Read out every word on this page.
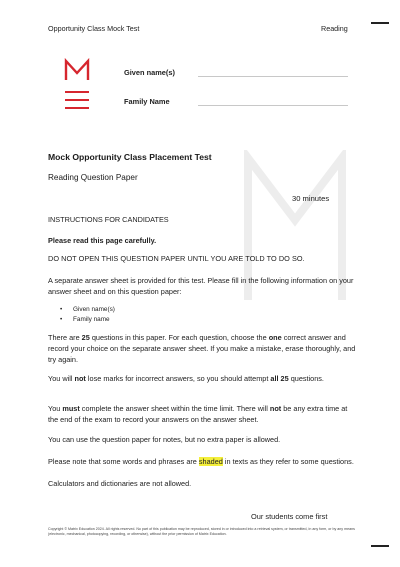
Opportunity Class Mock Test	Reading
Given name(s)
Family Name
Mock Opportunity Class Placement Test
Reading Question Paper
30 minutes
INSTRUCTIONS FOR CANDIDATES
Please read this page carefully.
DO NOT OPEN THIS QUESTION PAPER UNTIL YOU ARE TOLD TO DO SO.
A separate answer sheet is provided for this test. Please fill in the following information on your answer sheet and on this question paper:
• Given name(s)
• Family name
There are 25 questions in this paper. For each question, choose the one correct answer and record your choice on the separate answer sheet. If you make a mistake, erase thoroughly, and try again.
You will not lose marks for incorrect answers, so you should attempt all 25 questions.
You must complete the answer sheet within the time limit. There will not be any extra time at the end of the exam to record your answers on the answer sheet.
You can use the question paper for notes, but no extra paper is allowed.
Please note that some words and phrases are shaded in texts as they refer to some questions.
Calculators and dictionaries are not allowed.
Our students come first
Copyright © Matrix Education 2024. All rights reserved. No part of this publication may be reproduced, stored in or introduced into a retrieval system, or transmitted, in any form, or by any means (electronic, mechanical, photocopying, recording, or otherwise), without the prior permission of Matrix Education.
